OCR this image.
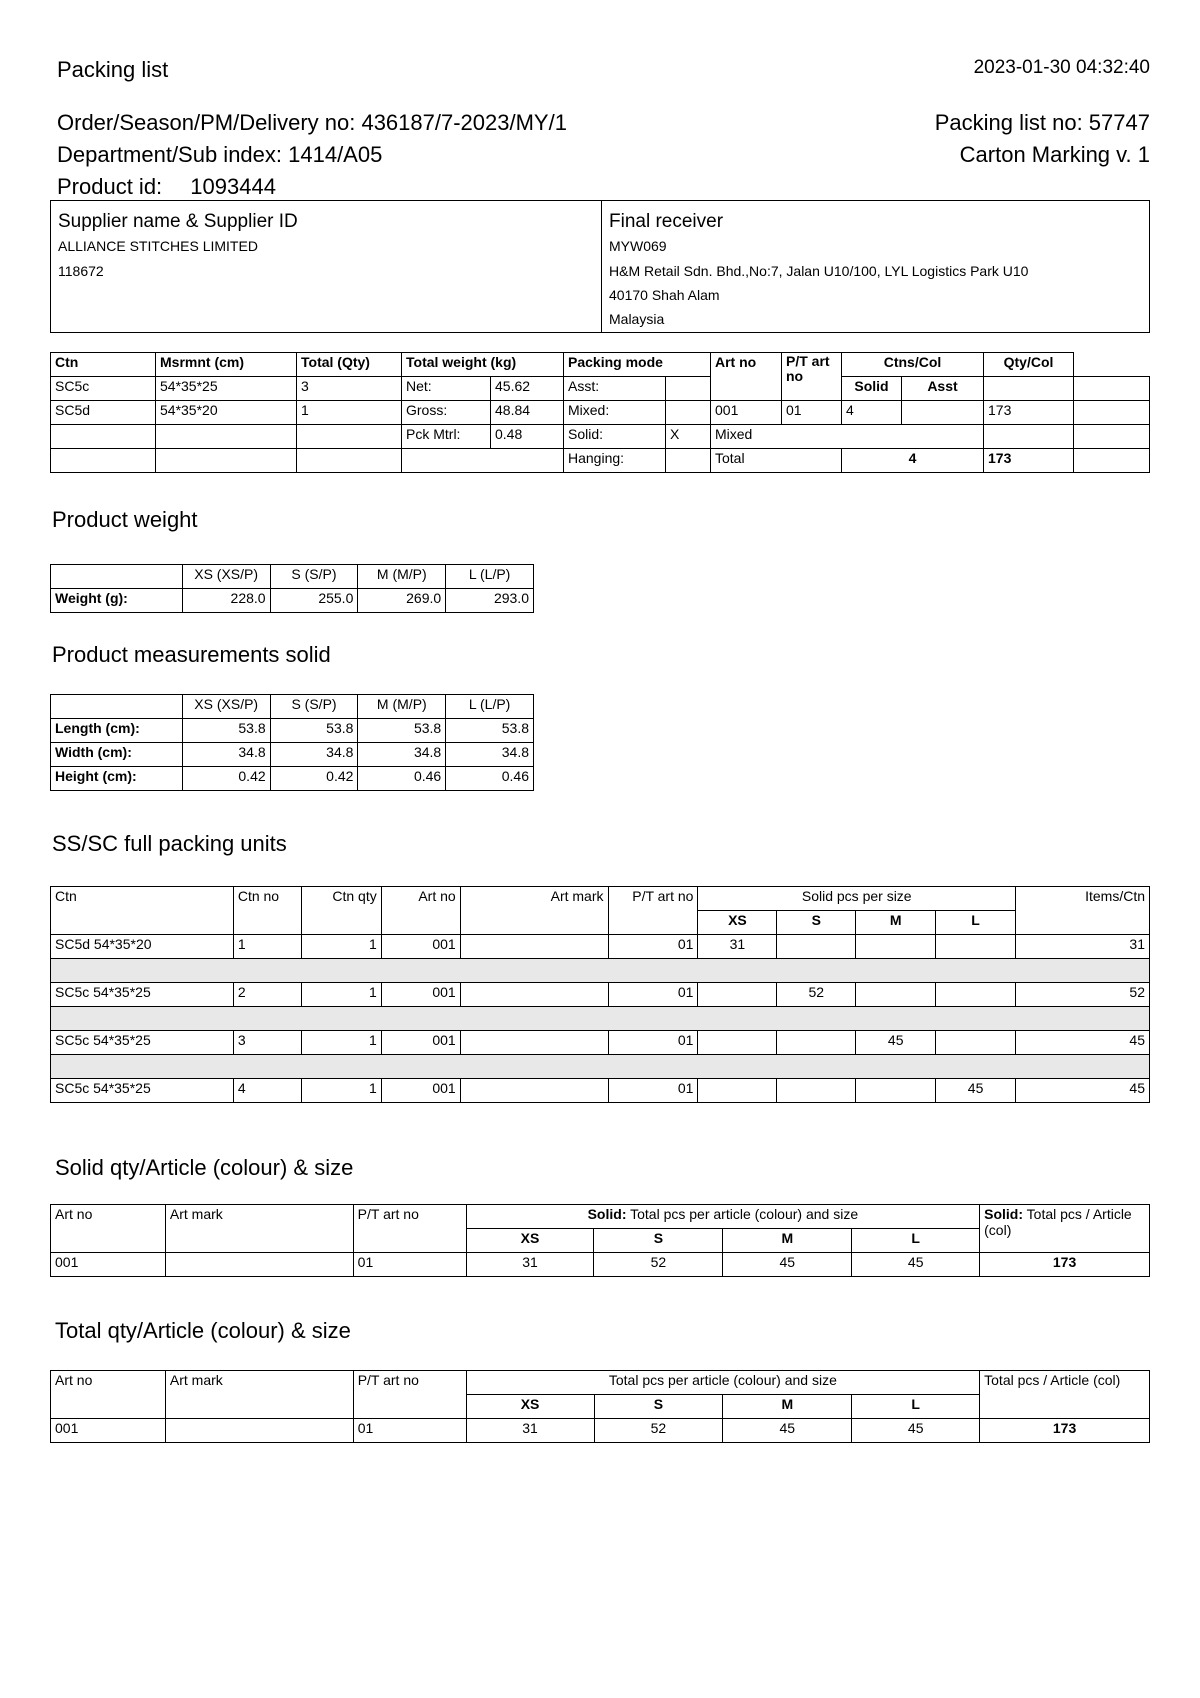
Packing list	2023-01-30 04:32:40
Order/Season/PM/Delivery no: 436187/7-2023/MY/1
Department/Sub index: 1414/A05
Product id: 1093444
Packing list no: 57747
Carton Marking v. 1
Supplier name & Supplier ID
ALLIANCE STITCHES LIMITED
118672
Final receiver
MYW069
H&M Retail Sdn. Bhd.,No:7, Jalan U10/100, LYL Logistics Park U10
40170 Shah Alam
Malaysia
Ctn	Msrmnt (cm)	Total (Qty)	Total weight (kg)		Packing mode		Art no	P/T art no	Ctns/Col		Qty/Col	
SC5c	54*35*25	3	Net:	45.62	Asst:				Solid	Asst		
SC5d	54*35*20	1	Gross:	48.84	Mixed:		001	01	4		173	
			Pck Mtrl:	0.48	Solid:	X	Mixed					
					Hanging:		Total		4		173	
Product weight
	XS (XS/P)	S (S/P)	M (M/P)	L (L/P)
Weight (g):	228.0	255.0	269.0	293.0
Product measurements solid
	XS (XS/P)	S (S/P)	M (M/P)	L (L/P)
Length (cm):	53.8	53.8	53.8	53.8
Width (cm):	34.8	34.8	34.8	34.8
Height (cm):	0.42	0.42	0.46	0.46
SS/SC full packing units
Ctn	Ctn no	Ctn qty	Art no	Art mark	P/T art no	Solid pcs per size				Items/Ctn
						XS	S	M	L	
SC5d 54*35*20	1	1	001		01	31				31

SC5c 54*35*25	2	1	001		01		52			52

SC5c 54*35*25	3	1	001		01			45		45

SC5c 54*35*25	4	1	001		01				45	45
Solid qty/Article (colour) & size
Art no	Art mark	P/T art no	Solid: Total pcs per article (colour) and size				Solid: Total pcs / Article (col)
			XS	S	M	L	
001		01	31	52	45	45	173
Total qty/Article (colour) & size
Art no	Art mark	P/T art no	Total pcs per article (colour) and size				Total pcs / Article (col)
			XS	S	M	L	
001		01	31	52	45	45	173
